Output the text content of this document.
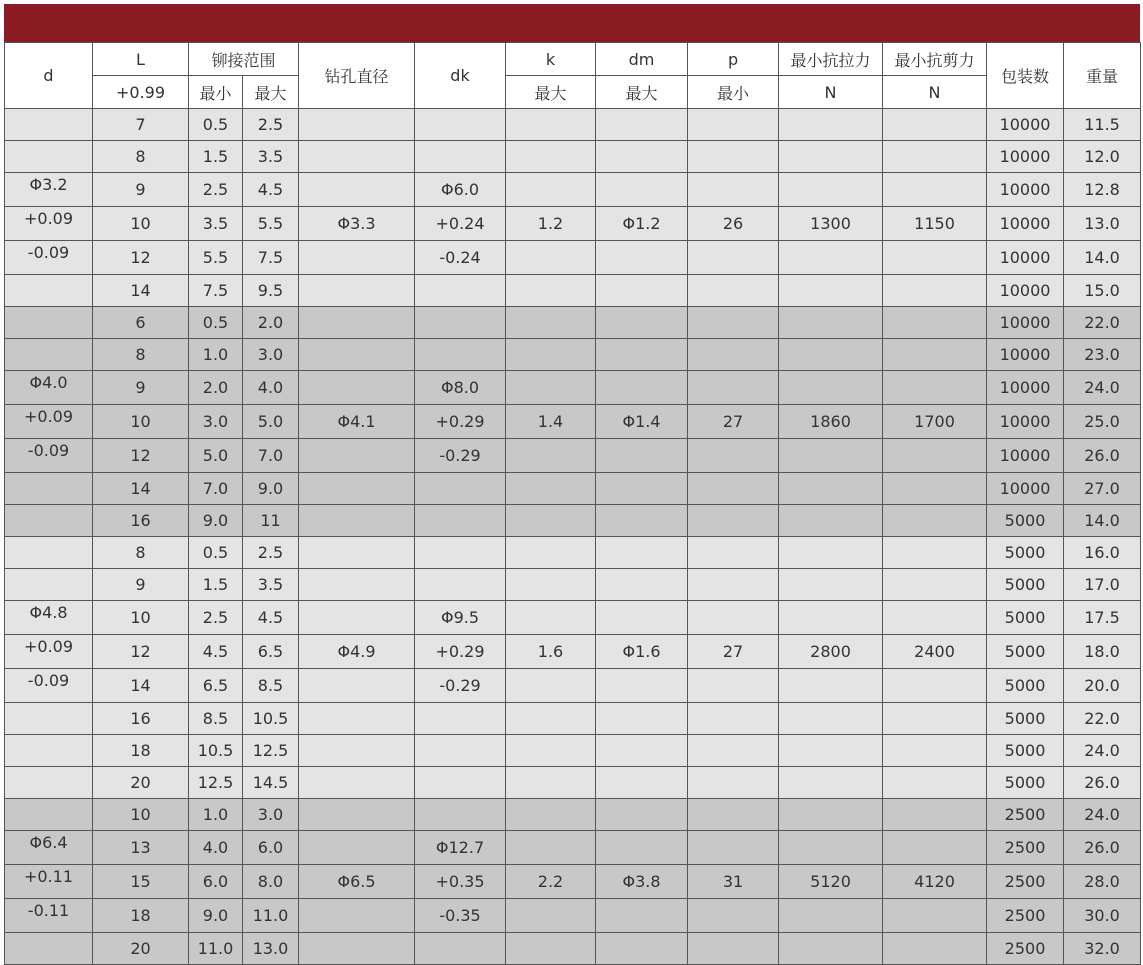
d	L	铆接范围		钻孔直径	dk	k	dm	p	最小抗拉力	最小抗剪力	包装数	重量
	+0.99	最小	最大			最大	最大	最小	N	N		
	7	0.5	2.5								10000	11.5
	8	1.5	3.5								10000	12.0
Φ3.2	9	2.5	4.5		Φ6.0						10000	12.8
+0.09	10	3.5	5.5	Φ3.3	+0.24	1.2	Φ1.2	26	1300	1150	10000	13.0
-0.09	12	5.5	7.5		-0.24						10000	14.0
	14	7.5	9.5								10000	15.0
	6	0.5	2.0								10000	22.0
	8	1.0	3.0								10000	23.0
Φ4.0	9	2.0	4.0		Φ8.0						10000	24.0
+0.09	10	3.0	5.0	Φ4.1	+0.29	1.4	Φ1.4	27	1860	1700	10000	25.0
-0.09	12	5.0	7.0		-0.29						10000	26.0
	14	7.0	9.0								10000	27.0
	16	9.0	11								5000	14.0
	8	0.5	2.5								5000	16.0
	9	1.5	3.5								5000	17.0
Φ4.8	10	2.5	4.5		Φ9.5						5000	17.5
+0.09	12	4.5	6.5	Φ4.9	+0.29	1.6	Φ1.6	27	2800	2400	5000	18.0
-0.09	14	6.5	8.5		-0.29						5000	20.0
	16	8.5	10.5								5000	22.0
	18	10.5	12.5								5000	24.0
	20	12.5	14.5								5000	26.0
	10	1.0	3.0								2500	24.0
Φ6.4	13	4.0	6.0		Φ12.7						2500	26.0
+0.11	15	6.0	8.0	Φ6.5	+0.35	2.2	Φ3.8	31	5120	4120	2500	28.0
-0.11	18	9.0	11.0		-0.35						2500	30.0
	20	11.0	13.0								2500	32.0
